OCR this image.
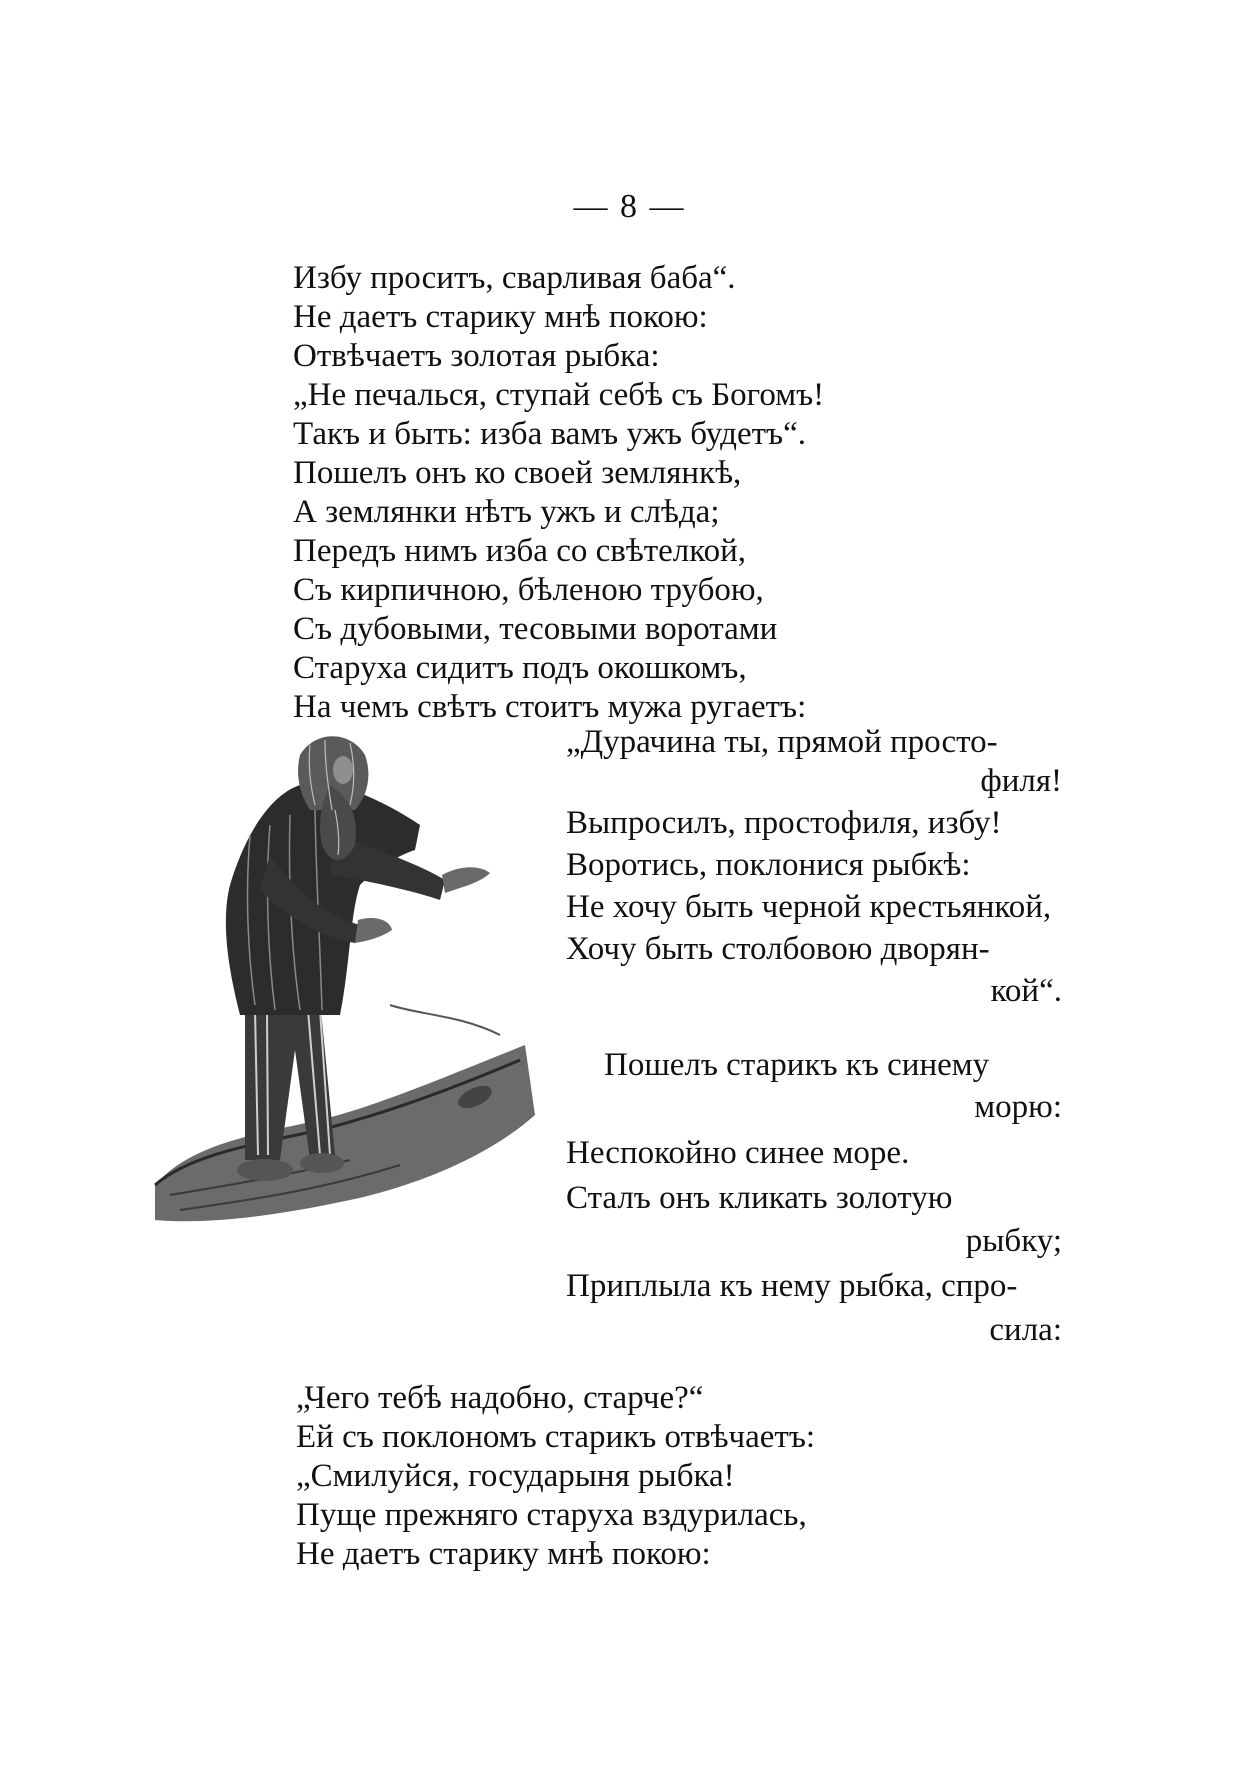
— 8 —
Избу проситъ, сварливая баба“.
Не даетъ старику мнѣ покою:
Отвѣчаетъ золотая рыбка:
„Не печалься, ступай себѣ съ Богомъ!
Такъ и быть: изба вамъ ужъ будетъ“.
Пошелъ онъ ко своей землянкѣ,
А землянки нѣтъ ужъ и слѣда;
Передъ нимъ изба со свѣтелкой,
Съ кирпичною, бѣленою трубою,
Съ дубовыми, тесовыми воротами
Старуха сидитъ подъ окошкомъ,
На чемъ свѣтъ стоитъ мужа ругаетъ:
„Дурачина ты, прямой просто-
филя!
Выпросилъ, простофиля, избу!
Воротись, поклонися рыбкѣ:
Не хочу быть черной крестьянкой,
Хочу быть столбовою дворян-
кой“.
Пошелъ старикъ къ синему
морю:
Неспокойно синее море.
Сталъ онъ кликать золотую
рыбку;
Приплыла къ нему рыбка, спро-
сила:
„Чего тебѣ надобно, старче?“
Ей съ поклономъ старикъ отвѣчаетъ:
„Смилуйся, государыня рыбка!
Пуще прежняго старуха вздурилась,
Не даетъ старику мнѣ покою:
